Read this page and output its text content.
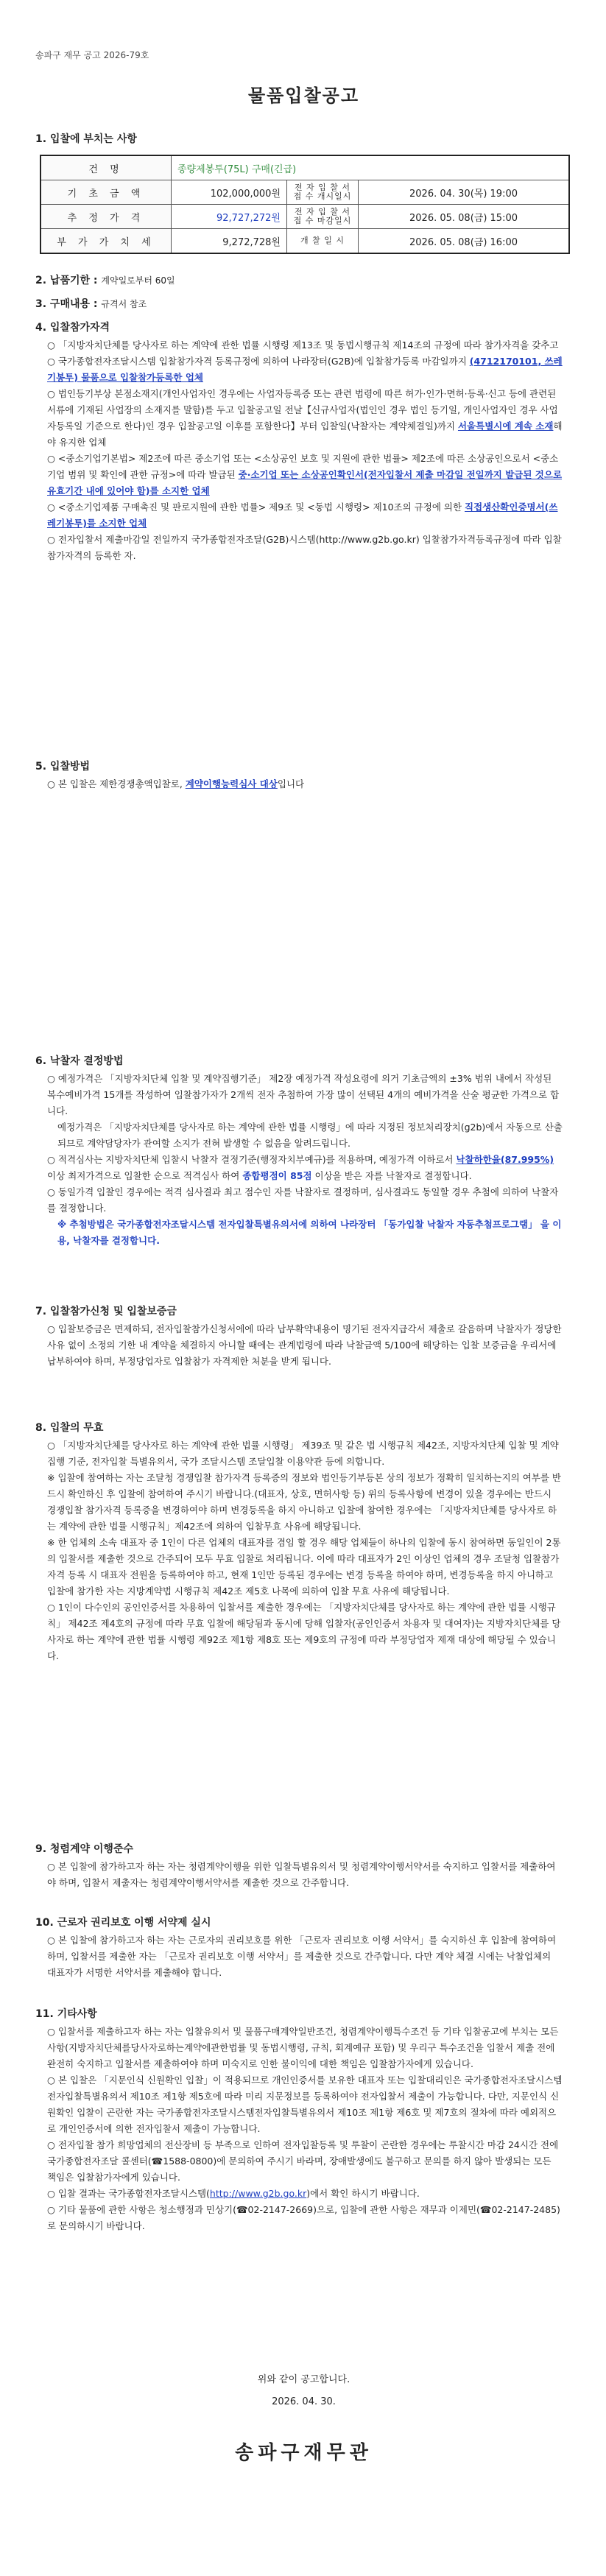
송파구 재무 공고 2026-79호
물품입찰공고
1. 입찰에 부치는 사항
건 명	종량제봉투(75L) 구매(긴급)		
기 초 금 액	102,000,000원	전 자 입 찰 서 접 수 개시일시	2026. 04. 30(목) 19:00
추 정 가 격	92,727,272원	전 자 입 찰 서 접 수 마감일시	2026. 05. 08(금) 15:00
부 가 가 치 세	9,272,728원	개 찰 일 시	2026. 05. 08(금) 16:00
2. 납품기한 : 계약일로부터 60일
3. 구매내용 : 규격서 참조
4. 입찰참가자격

○ 「지방자치단체를 당사자로 하는 계약에 관한 법률 시행령 제13조 및 동법시행규칙 제14조의 규정에 따라 참가자격을 갖추고

○ 국가종합전자조달시스템 입찰참가자격 등록규정에 의하여 나라장터(G2B)에 입찰참가등록 마감일까지 (4712170101, 쓰레기봉투) 물품으로 입찰참가등록한 업체

○ 법인등기부상 본점소재지(개인사업자인 경우에는 사업자등록증 또는 관련 법령에 따른 허가·인가·면허·등록·신고 등에 관련된 서류에 기재된 사업장의 소재지를 말함)를 두고 입찰공고일 전날【신규사업자(법인인 경우 법인 등기일, 개인사업자인 경우 사업자등록일 기준으로 한다)인 경우 입찰공고일 이후를 포함한다】부터 입찰일(낙찰자는 계약체결일)까지 서울특별시에 계속 소재해야 유지한 업체

○ <중소기업기본법> 제2조에 따른 중소기업 또는 <소상공인 보호 및 지원에 관한 법률> 제2조에 따른 소상공인으로서 <중소기업 범위 및 확인에 관한 규정>에 따라 발급된 중·소기업 또는 소상공인확인서(전자입찰서 제출 마감일 전일까지 발급된 것으로 유효기간 내에 있어야 함)를 소지한 업체

○ <중소기업제품 구매촉진 및 판로지원에 관한 법률> 제9조 및 <동법 시행령> 제10조의 규정에 의한 직접생산확인증명서(쓰레기봉투)를 소지한 업체

○ 전자입찰서 제출마감일 전일까지 국가종합전자조달(G2B)시스템(http://www.g2b.go.kr) 입찰참가자격등록규정에 따라 입찰참가자격의 등록한 자.

5. 입찰방법

○ 본 입찰은 제한경쟁총액입찰로, 계약이행능력심사 대상입니다

6. 낙찰자 결정방법

○ 예정가격은 「지방자치단체 입찰 및 계약집행기준」 제2장 예정가격 작성요령에 의거 기초금액의 ±3% 범위 내에서 작성된 복수예비가격 15개를 작성하여 입찰참가자가 2개씩 전자 추첨하여 가장 많이 선택된 4개의 예비가격을 산술 평균한 가격으로 합니다.

예정가격은 「지방자치단체를 당사자로 하는 계약에 관한 법률 시행령」에 따라 지정된 정보처리장치(g2b)에서 자동으로 산출되므로 계약담당자가 관여할 소지가 전혀 발생할 수 없음을 알려드립니다.

○ 적격심사는 지방자치단체 입찰시 낙찰자 결정기준(행정자치부예규)를 적용하며, 예정가격 이하로서 낙찰하한율(87.995%) 이상 최저가격으로 입찰한 순으로 적격심사 하여 종합평점이 85점 이상을 받은 자를 낙찰자로 결정합니다.

○ 동일가격 입찰인 경우에는 적격 심사결과 최고 점수인 자를 낙찰자로 결정하며, 심사결과도 동일할 경우 추첨에 의하여 낙찰자를 결정합니다.

※ 추첨방법은 국가종합전자조달시스템 전자입찰특별유의서에 의하여 나라장터 「동가입찰 낙찰자 자동추첨프로그램」 을 이용, 낙찰자를 결정합니다.

7. 입찰참가신청 및 입찰보증금

○ 입찰보증금은 면제하되, 전자입찰참가신청서에에 따라 납부확약내용이 명기된 전자지급각서 제출로 갈음하며 낙찰자가 정당한 사유 없이 소정의 기한 내 계약을 체결하지 아니할 때에는 관계법령에 따라 낙찰금액 5/100에 해당하는 입찰 보증금을 우리서에 납부하여야 하며, 부정당업자로 입찰참가 자격제한 처분을 받게 됩니다.

8. 입찰의 무효

○ 「지방자치단체를 당사자로 하는 계약에 관한 법률 시행령」 제39조 및 같은 법 시행규칙 제42조, 지방자치단체 입찰 및 계약집행 기준, 전자입찰 특별유의서, 국가 조달시스템 조달입찰 이용약관 등에 의합니다.

※ 입찰에 참여하는 자는 조달청 경쟁입찰 참가자격 등록증의 정보와 법인등기부등본 상의 정보가 정확히 일치하는지의 여부를 반드시 확인하신 후 입찰에 참여하여 주시기 바랍니다.(대표자, 상호, 면허사항 등) 위의 등록사항에 변경이 있을 경우에는 반드시 경쟁입찰 참가자격 등록증을 변경하여야 하며 변경등록을 하지 아니하고 입찰에 참여한 경우에는 「지방자치단체를 당사자로 하는 계약에 관한 법률 시행규칙」제42조에 의하여 입찰무효 사유에 해당됩니다.

※ 한 업체의 소속 대표자 중 1인이 다른 업체의 대표자를 겸임 할 경우 해당 업체들이 하나의 입찰에 동시 참여하면 동일인이 2통의 입찰서를 제출한 것으로 간주되어 모두 무효 입찰로 처리됩니다. 이에 따라 대표자가 2인 이상인 업체의 경우 조달청 입찰참가자격 등록 시 대표자 전원을 등록하여야 하고, 현재 1인만 등록된 경우에는 변경 등록을 하여야 하며, 변경등록을 하지 아니하고 입찰에 참가한 자는 지방계약법 시행규칙 제42조 제5호 나목에 의하여 입찰 무효 사유에 해당됩니다.

○ 1인이 다수인의 공인인증서를 차용하여 입찰서를 제출한 경우에는 「지방자치단체를 당사자로 하는 계약에 관한 법률 시행규칙」 제42조 제4호의 규정에 따라 무효 입찰에 해당됨과 동시에 당해 입찰자(공인인증서 차용자 및 대여자)는 지방자치단체를 당사자로 하는 계약에 관한 법률 시행령 제92조 제1항 제8호 또는 제9호의 규정에 따라 부정당업자 제재 대상에 해당될 수 있습니다.

9. 청렴계약 이행준수

○ 본 입찰에 참가하고자 하는 자는 청렴계약이행을 위한 입찰특별유의서 및 청렴계약이행서약서를 숙지하고 입찰서를 제출하여야 하며, 입찰서 제출자는 청렴계약이행서약서를 제출한 것으로 간주합니다.

10. 근로자 권리보호 이행 서약제 실시

○ 본 입찰에 참가하고자 하는 자는 근로자의 권리보호를 위한 「근로자 권리보호 이행 서약서」를 숙지하신 후 입찰에 참여하여 하며, 입찰서를 제출한 자는 「근로자 권리보호 이행 서약서」를 제출한 것으로 간주합니다. 다만 계약 체결 시에는 낙찰업체의 대표자가 서명한 서약서를 제출해야 합니다.

11. 기타사항

○ 입찰서를 제출하고자 하는 자는 입찰유의서 및 물품구매계약일반조건, 청렴계약이행특수조건 등 기타 입찰공고에 부치는 모든 사항(지방자치단체를당사자로하는계약에관한법률 및 동법시행령, 규칙, 회계예규 포함) 및 우리구 특수조건을 입찰서 제출 전에 완전히 숙지하고 입찰서를 제출하여야 하며 미숙지로 인한 불이익에 대한 책임은 입찰참가자에게 있습니다.

○ 본 입찰은 「지문인식 신원확인 입찰」이 적용되므로 개인인증서를 보유한 대표자 또는 입찰대리인은 국가종합전자조달시스템전자입찰특별유의서 제10조 제1항 제5호에 따라 미리 지문정보를 등록하여야 전자입찰서 제출이 가능합니다. 다만, 지문인식 신원확인 입찰이 곤란한 자는 국가종합전자조달시스템전자입찰특별유의서 제10조 제1항 제6호 및 제7호의 절차에 따라 예외적으로 개인인증서에 의한 전자입찰서 제출이 가능합니다.

○ 전자입찰 참가 희망업체의 전산장비 등 부족으로 인하여 전자입찰등록 및 투찰이 곤란한 경우에는 투찰시간 마감 24시간 전에 국가종합전자조달 콜센터(☎1588-0800)에 문의하여 주시기 바라며, 장애발생에도 불구하고 문의를 하지 않아 발생되는 모든 책임은 입찰참가자에게 있습니다.

○ 입찰 결과는 국가종합전자조달시스템(http://www.g2b.go.kr)에서 확인 하시기 바랍니다.

○ 기타 물품에 관한 사항은 청소행정과 민상기(☎02-2147-2669)으로, 입찰에 관한 사항은 재무과 이제민(☎02-2147-2485)로 문의하시기 바랍니다.

위와 같이 공고합니다.
2026. 04. 30.
송파구재무관
